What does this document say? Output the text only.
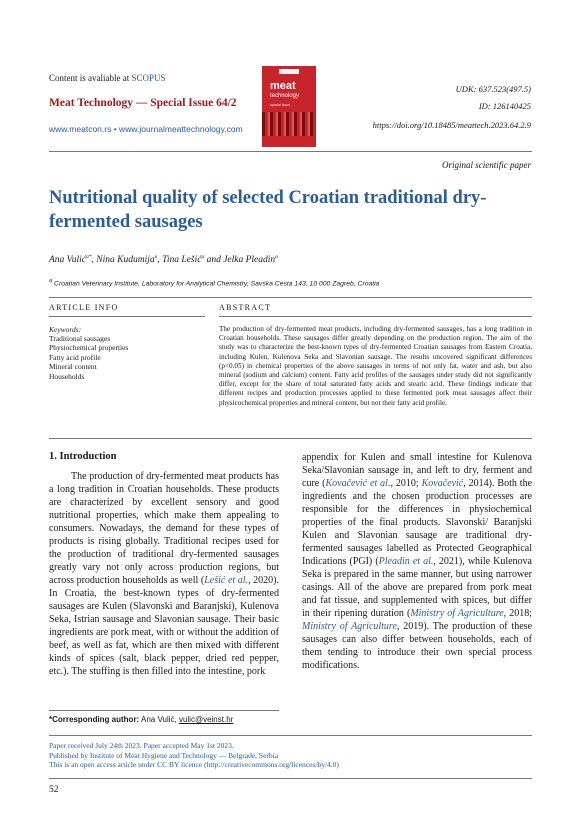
Content is avaliable at SCOPUS
Meat Technology — Special Issue 64/2
www.meatcon.rs • www.journalmeattechnology.com
meat
technology
special issue
UDK: 637.523(497.5)
ID: 126140425
https://doi.org/10.18485/meattech.2023.64.2.9
Original scientific paper
Nutritional quality of selected Croatian traditional dry-fermented sausages
Ana Vulić$^{a*}$, Nina Kudumija$^a$, Tina Lešić$^a$ and Jelka Pleadin$^a$
$^a$ Croatian Veterinary Institute, Laboratory for Analytical Chemistry, Savska Cesta 143, 10 000 Zagreb, Croatia
ARTICLE INFO	ABSTRACT
Keywords:
Traditional sausages
Physiochemical properties
Fatty acid profile
Mineral content
Households
The production of dry-fermented meat products, including dry-fermented sausages, has a long tradition in Croatian households. These sausages differ greatly depending on the production region. The aim of the study was to characterize the best-known types of dry-fermented Croatian sausages from Eastern Croatia, including Kulen, Kulenova Seka and Slavonian sausage. The results uncovered significant differences (p<0.05) in chemical properties of the above sausages in terms of not only fat, water and ash, but also mineral (sodium and calcium) content. Fatty acid profiles of the sausages under study did not significantly differ, except for the share of total saturated fatty acids and stearic acid. These findings indicate that different recipes and production processes applied to these fermented pork meat sausages affect their physicochemical properties and mineral content, but not their fatty acid profile.
1. Introduction
The production of dry-fermented meat products has a long tradition in Croatian households. These products are characterized by excellent sensory and good nutritional properties, which make them appealing to consumers. Nowadays, the demand for these types of products is rising globally. Traditional recipes used for the production of traditional dry-fermented sausages greatly vary not only across production regions, but across production households as well (Lešić et al., 2020). In Croatia, the best-known types of dry-fermented sausages are Kulen (Slavonski and Baranjski), Kulenova Seka, Istrian sausage and Slavonian sausage. Their basic ingredients are pork meat, with or without the addition of beef, as well as fat, which are then mixed with different kinds of spices (salt, black pepper, dried red pepper, etc.). The stuffing is then filled into the intestine, pork
appendix for Kulen and small intestine for Kulenova Seka/Slavonian sausage in, and left to dry, ferment and cure (Kovačević et al., 2010; Kovačević, 2014). Both the ingredients and the chosen production processes are responsible for the differences in physiochemical properties of the final products. Slavonski/ Baranjski Kulen and Slavonian sausage are traditional dry-fermented sausages labelled as Protected Geographical Indications (PGI) (Pleadin et al., 2021), while Kulenova Seka is prepared in the same manner, but using narrower casings. All of the above are prepared from pork meat and fat tissue, and supplemented with spices, but differ in their ripening duration (Ministry of Agriculture, 2018; Ministry of Agriculture, 2019). The production of these sausages can also differ between households, each of them tending to introduce their own special process modifications.
*Corresponding author: Ana Vulić, vulic@veinst.hr
Paper received July 24th 2023. Paper accepted May 1st 2023.
Published by Institute of Meat Hygiene and Technology — Belgrade, Serbia
This is an open access article under CC BY licence (http://creativecommons.org/licences/by/4.0)
52
